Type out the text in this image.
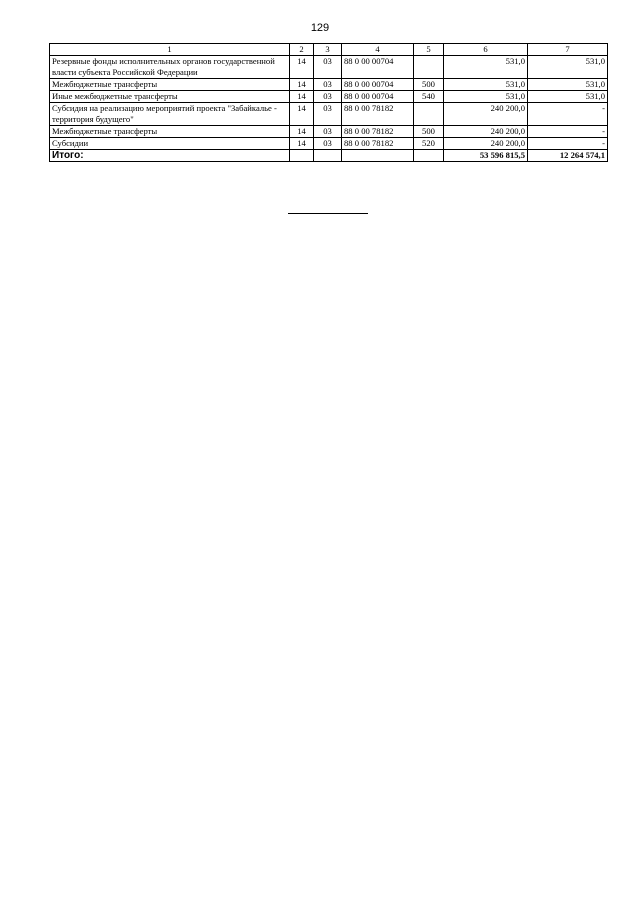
129
1	2	3	4	5	6	7
Резервные фонды исполнительных органов государственной власти субъекта Российской Федерации	14	03	88 0 00 00704		531,0	531,0
Межбюджетные трансферты	14	03	88 0 00 00704	500	531,0	531,0
Иные межбюджетные трансферты	14	03	88 0 00 00704	540	531,0	531,0
Субсидия на реализацию мероприятий проекта "Забайкалье - территория будущего"	14	03	88 0 00 78182		240 200,0	-
Межбюджетные трансферты	14	03	88 0 00 78182	500	240 200,0	-
Субсидии	14	03	88 0 00 78182	520	240 200,0	-
Итого:					53 596 815,5	12 264 574,1
